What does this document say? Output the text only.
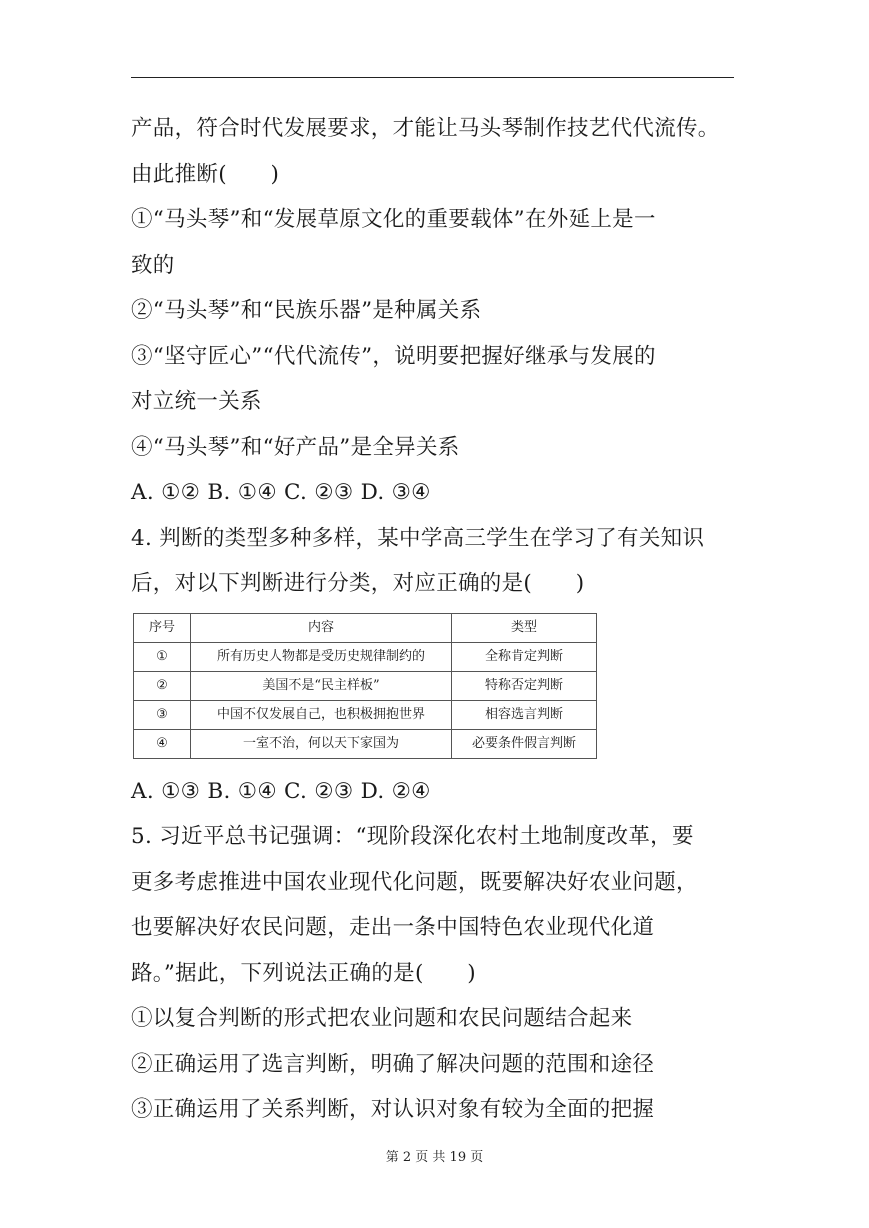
产品，符合时代发展要求，才能让马头琴制作技艺代代流传。
由此推断(　　)
①“马头琴”和“发展草原文化的重要载体”在外延上是一
致的
②“马头琴”和“民族乐器”是种属关系
③“坚守匠心”“代代流传”，说明要把握好继承与发展的
对立统一关系
④“马头琴”和“好产品”是全异关系
A. ①② B. ①④ C. ②③ D. ③④
4. 判断的类型多种多样，某中学高三学生在学习了有关知识
后，对以下判断进行分类，对应正确的是(　　)
序号	内容	类型
①	所有历史人物都是受历史规律制约的	全称肯定判断
②	美国不是“民主样板”	特称否定判断
③	中国不仅发展自己，也积极拥抱世界	相容选言判断
④	一室不治，何以天下家国为	必要条件假言判断
A. ①③ B. ①④ C. ②③ D. ②④
5. 习近平总书记强调：“现阶段深化农村土地制度改革，要
更多考虑推进中国农业现代化问题，既要解决好农业问题，
也要解决好农民问题，走出一条中国特色农业现代化道
路。”据此，下列说法正确的是(　　)
①以复合判断的形式把农业问题和农民问题结合起来
②正确运用了选言判断，明确了解决问题的范围和途径
③正确运用了关系判断，对认识对象有较为全面的把握
第 2 页 共 19 页
